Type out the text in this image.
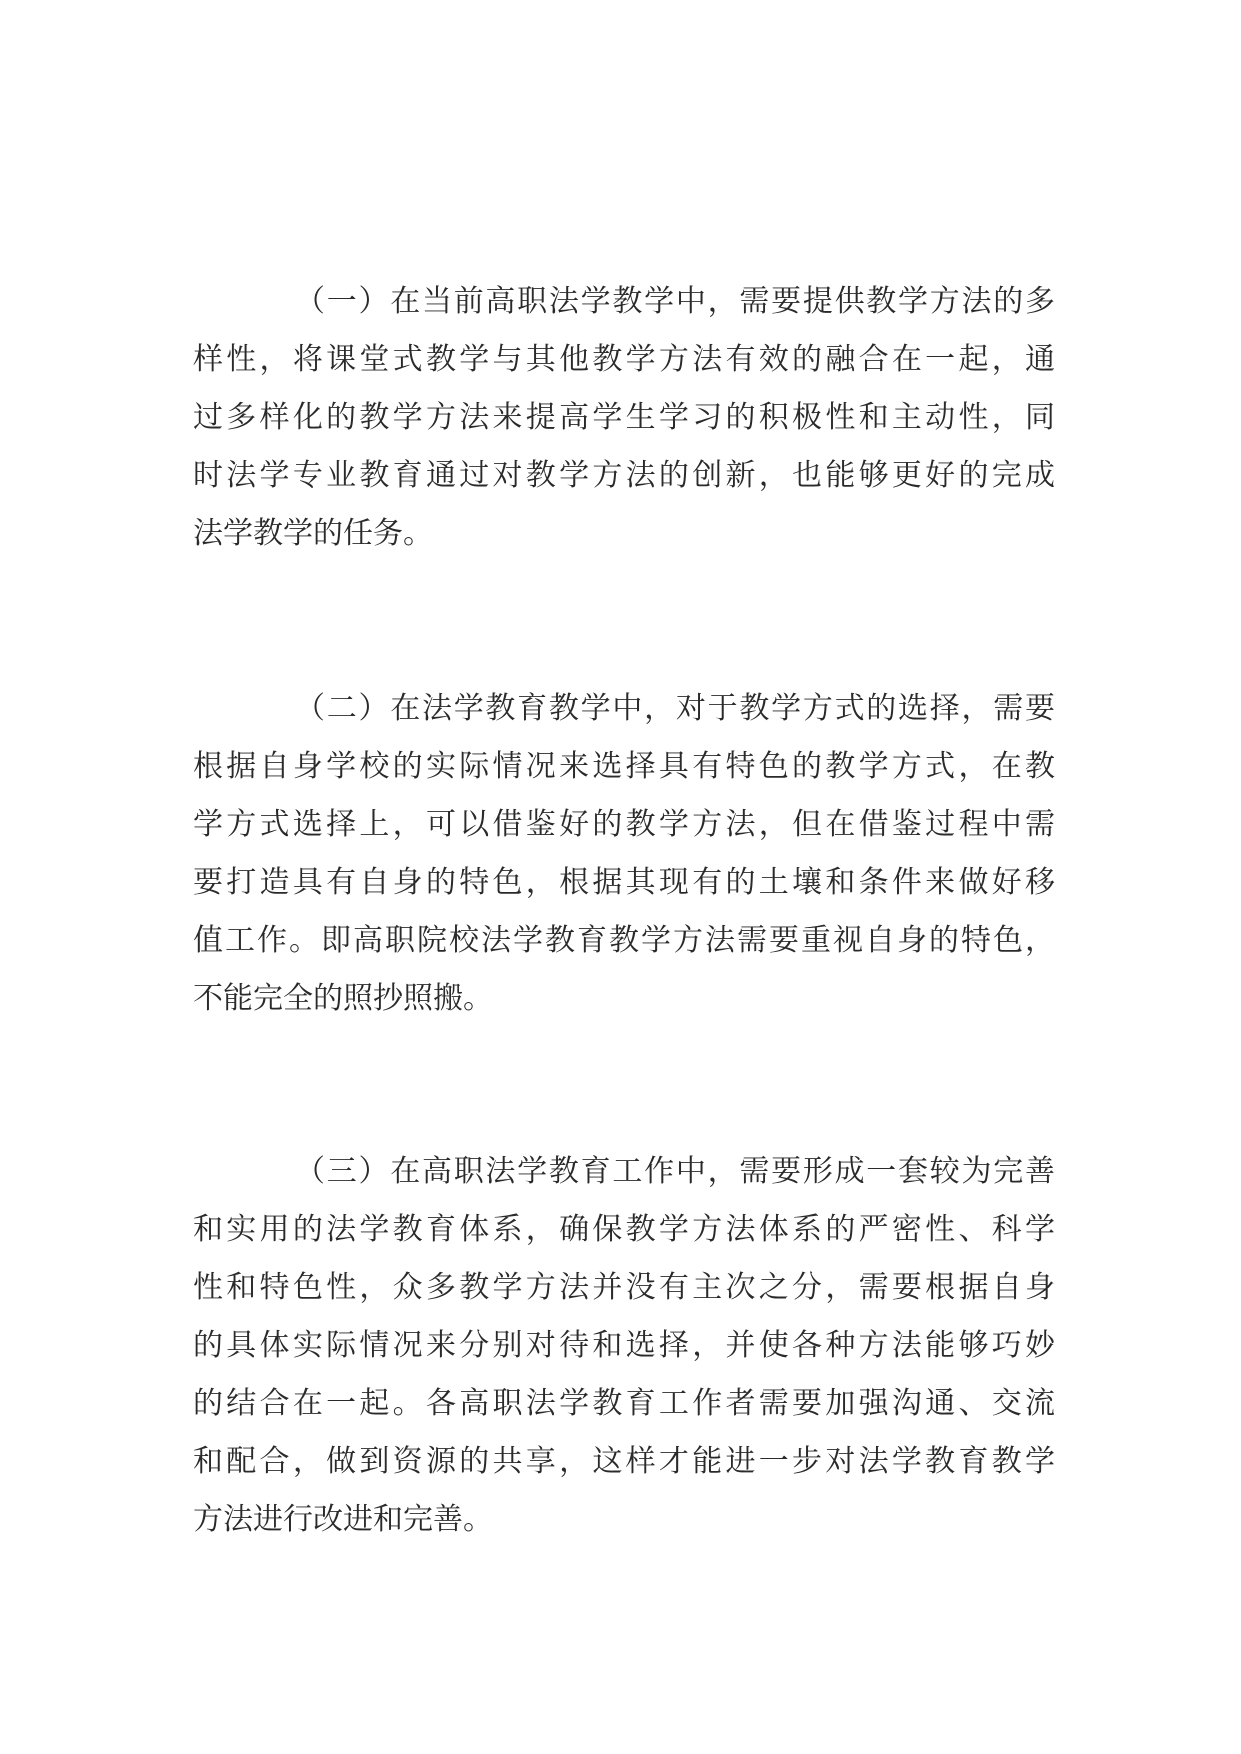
（一）在当前高职法学教学中，需要提供教学方法的多
样性，将课堂式教学与其他教学方法有效的融合在一起，通
过多样化的教学方法来提高学生学习的积极性和主动性，同
时法学专业教育通过对教学方法的创新，也能够更好的完成
法学教学的任务。
（二）在法学教育教学中，对于教学方式的选择，需要
根据自身学校的实际情况来选择具有特色的教学方式，在教
学方式选择上，可以借鉴好的教学方法，但在借鉴过程中需
要打造具有自身的特色，根据其现有的土壤和条件来做好移
值工作。即高职院校法学教育教学方法需要重视自身的特色，
不能完全的照抄照搬。
（三）在高职法学教育工作中，需要形成一套较为完善
和实用的法学教育体系，确保教学方法体系的严密性、科学
性和特色性，众多教学方法并没有主次之分，需要根据自身
的具体实际情况来分别对待和选择，并使各种方法能够巧妙
的结合在一起。各高职法学教育工作者需要加强沟通、交流
和配合，做到资源的共享，这样才能进一步对法学教育教学
方法进行改进和完善。
